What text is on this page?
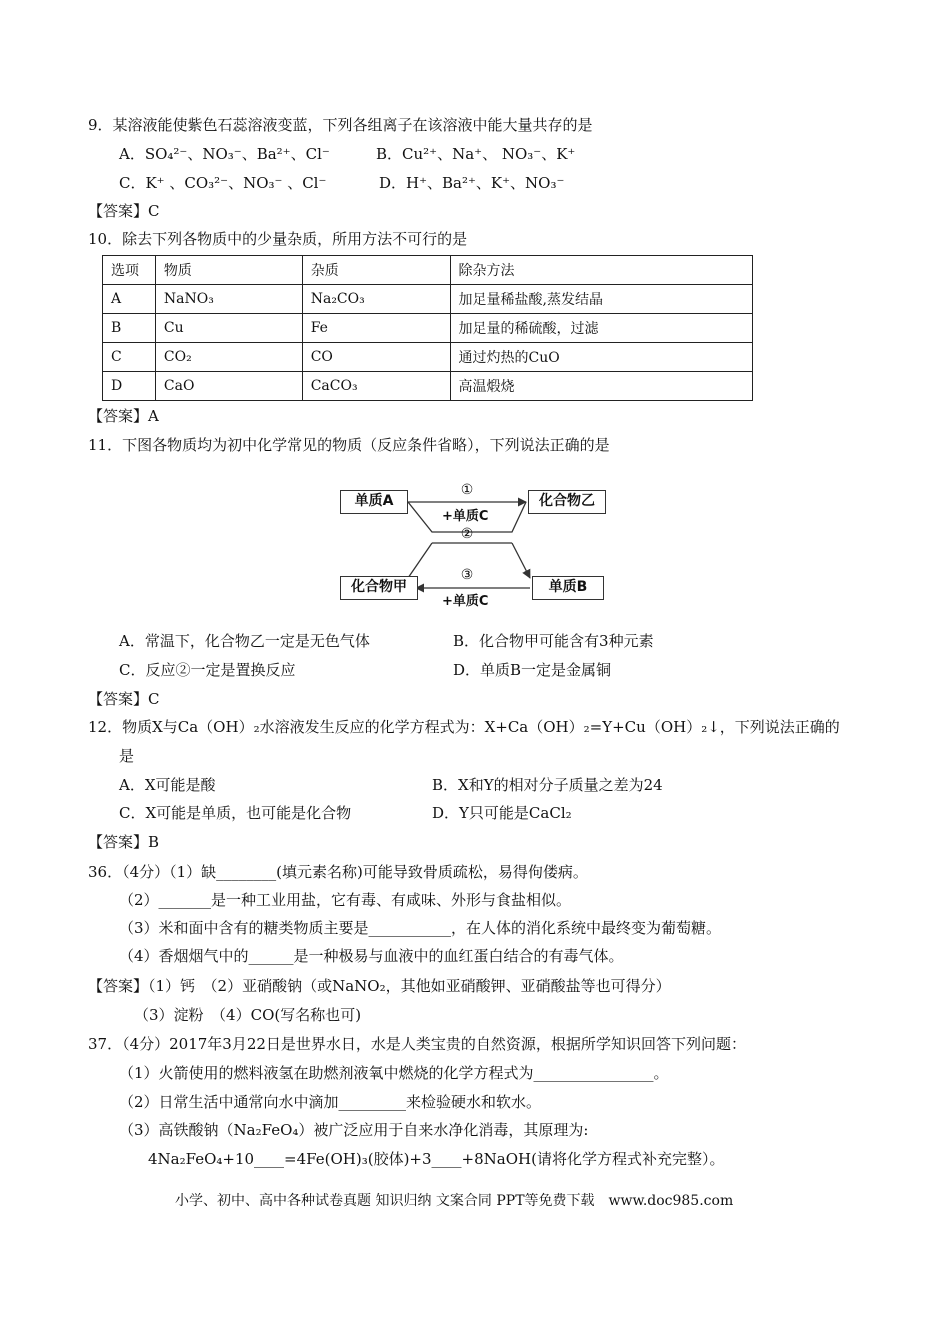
9．某溶液能使紫色石蕊溶液变蓝，下列各组离子在该溶液中能大量共存的是
A．SO₄²⁻、NO₃⁻、Ba²⁺、Cl⁻	B．Cu²⁺、Na⁺、 NO₃⁻、K⁺
C．K⁺ 、CO₃²⁻、NO₃⁻ 、Cl⁻	D．H⁺、Ba²⁺、K⁺、NO₃⁻
【答案】C
10．除去下列各物质中的少量杂质，所用方法不可行的是
选项	物质	杂质	除杂方法
A	NaNO₃	Na₂CO₃	加足量稀盐酸,蒸发结晶
B	Cu	Fe	加足量的稀硫酸，过滤
C	CO₂	CO	通过灼热的CuO
D	CaO	CaCO₃	高温煅烧
【答案】A
11．下图各物质均为初中化学常见的物质（反应条件省略），下列说法正确的是
单质A	化合物乙
化合物甲	单质B
①
+单质C
②
③
+单质C
A．常温下，化合物乙一定是无色气体	B．化合物甲可能含有3种元素
C．反应②一定是置换反应	D．单质B一定是金属铜
【答案】C
12．物质X与Ca（OH）₂水溶液发生反应的化学方程式为：X+Ca（OH）₂=Y+Cu（OH）₂↓，下列说法正确的
是
A．X可能是酸	B．X和Y的相对分子质量之差为24
C．X可能是单质，也可能是化合物	D．Y只可能是CaCl₂
【答案】B
36．（4分）（1）缺________(填元素名称)可能导致骨质疏松，易得佝偻病。
（2）_______是一种工业用盐，它有毒、有咸味、外形与食盐相似。
（3）米和面中含有的糖类物质主要是___________，在人体的消化系统中最终变为葡萄糖。
（4）香烟烟气中的______是一种极易与血液中的血红蛋白结合的有毒气体。
【答案】（1）钙　（2）亚硝酸钠（或NaNO₂，其他如亚硝酸钾、亚硝酸盐等也可得分）
（3）淀粉　（4）CO(写名称也可)
37．（4分）2017年3月22日是世界水日，水是人类宝贵的自然资源，根据所学知识回答下列问题：
（1）火箭使用的燃料液氢在助燃剂液氧中燃烧的化学方程式为________________。
（2）日常生活中通常向水中滴加_________来检验硬水和软水。
（3）高铁酸钠（Na₂FeO₄）被广泛应用于自来水净化消毒，其原理为:
4Na₂FeO₄+10____=4Fe(OH)₃(胶体)+3____+8NaOH(请将化学方程式补充完整）。
小学、初中、高中各种试卷真题 知识归纳 文案合同 PPT等免费下载　www.doc985.com
